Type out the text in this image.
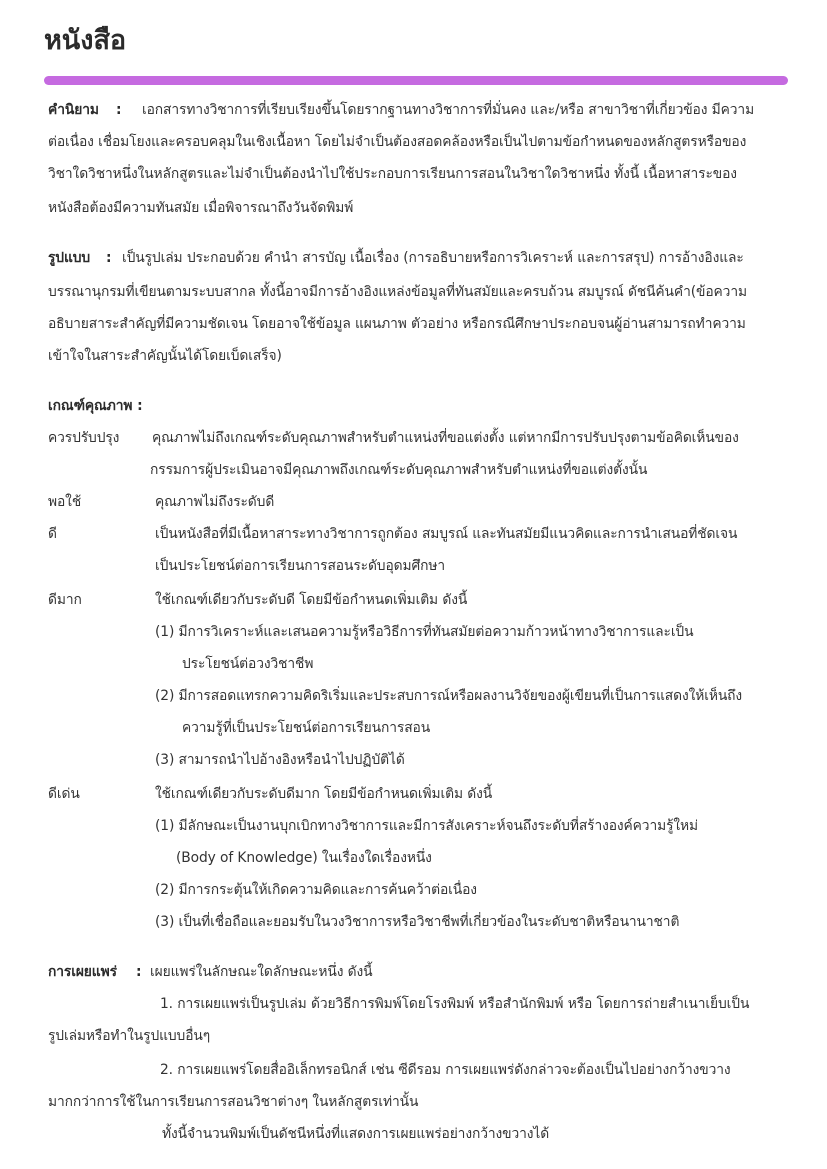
หนังสือ
คำนิยาม : เอกสารทางวิชาการที่เรียบเรียงขึ้นโดยรากฐานทางวิชาการที่มั่นคง และ/หรือ สาขาวิชาที่เกี่ยวข้อง มีความ
ต่อเนื่อง เชื่อมโยงและครอบคลุมในเชิงเนื้อหา โดยไม่จำเป็นต้องสอดคล้องหรือเป็นไปตามข้อกำหนดของหลักสูตรหรือของ
วิชาใดวิชาหนึ่งในหลักสูตรและไม่จำเป็นต้องนำไปใช้ประกอบการเรียนการสอนในวิชาใดวิชาหนึ่ง ทั้งนี้ เนื้อหาสาระของ
หนังสือต้องมีความทันสมัย เมื่อพิจารณาถึงวันจัดพิมพ์
รูปแบบ : เป็นรูปเล่ม ประกอบด้วย คำนำ สารบัญ เนื้อเรื่อง (การอธิบายหรือการวิเคราะห์ และการสรุป) การอ้างอิงและ
บรรณานุกรมที่เขียนตามระบบสากล ทั้งนี้อาจมีการอ้างอิงแหล่งข้อมูลที่ทันสมัยและครบถ้วน สมบูรณ์ ดัชนีค้นคำ(ข้อความ
อธิบายสาระสำคัญที่มีความชัดเจน โดยอาจใช้ข้อมูล แผนภาพ ตัวอย่าง หรือกรณีศึกษาประกอบจนผู้อ่านสามารถทำความ
เข้าใจในสาระสำคัญนั้นได้โดยเบ็ดเสร็จ)
เกณฑ์คุณภาพ :
ควรปรับปรุง คุณภาพไม่ถึงเกณฑ์ระดับคุณภาพสำหรับตำแหน่งที่ขอแต่งตั้ง แต่หากมีการปรับปรุงตามข้อคิดเห็นของ
กรรมการผู้ประเมินอาจมีคุณภาพถึงเกณฑ์ระดับคุณภาพสำหรับตำแหน่งที่ขอแต่งตั้งนั้น
พอใช้	คุณภาพไม่ถึงระดับดี
ดี	เป็นหนังสือที่มีเนื้อหาสาระทางวิชาการถูกต้อง สมบูรณ์ และทันสมัยมีแนวคิดและการนำเสนอที่ชัดเจน
เป็นประโยชน์ต่อการเรียนการสอนระดับอุดมศึกษา
ดีมาก	ใช้เกณฑ์เดียวกับระดับดี โดยมีข้อกำหนดเพิ่มเติม ดังนี้
(1) มีการวิเคราะห์และเสนอความรู้หรือวิธีการที่ทันสมัยต่อความก้าวหน้าทางวิชาการและเป็น
ประโยชน์ต่อวงวิชาชีพ
(2) มีการสอดแทรกความคิดริเริ่มและประสบการณ์หรือผลงานวิจัยของผู้เขียนที่เป็นการแสดงให้เห็นถึง
ความรู้ที่เป็นประโยชน์ต่อการเรียนการสอน
(3) สามารถนำไปอ้างอิงหรือนำไปปฏิบัติได้
ดีเด่น	ใช้เกณฑ์เดียวกับระดับดีมาก โดยมีข้อกำหนดเพิ่มเติม ดังนี้
(1) มีลักษณะเป็นงานบุกเบิกทางวิชาการและมีการสังเคราะห์จนถึงระดับที่สร้างองค์ความรู้ใหม่
(Body of Knowledge) ในเรื่องใดเรื่องหนึ่ง
(2) มีการกระตุ้นให้เกิดความคิดและการค้นคว้าต่อเนื่อง
(3) เป็นที่เชื่อถือและยอมรับในวงวิชาการหรือวิชาชีพที่เกี่ยวข้องในระดับชาติหรือนานาชาติ
การเผยแพร่ : เผยแพร่ในลักษณะใดลักษณะหนึ่ง ดังนี้
1. การเผยแพร่เป็นรูปเล่ม ด้วยวิธีการพิมพ์โดยโรงพิมพ์ หรือสำนักพิมพ์ หรือ โดยการถ่ายสำเนาเย็บเป็น
รูปเล่มหรือทำในรูปแบบอื่นๆ
2. การเผยแพร่โดยสื่ออิเล็กทรอนิกส์ เช่น ซีดีรอม การเผยแพร่ดังกล่าวจะต้องเป็นไปอย่างกว้างขวาง
มากกว่าการใช้ในการเรียนการสอนวิชาต่างๆ ในหลักสูตรเท่านั้น
ทั้งนี้จำนวนพิมพ์เป็นดัชนีหนึ่งที่แสดงการเผยแพร่อย่างกว้างขวางได้
